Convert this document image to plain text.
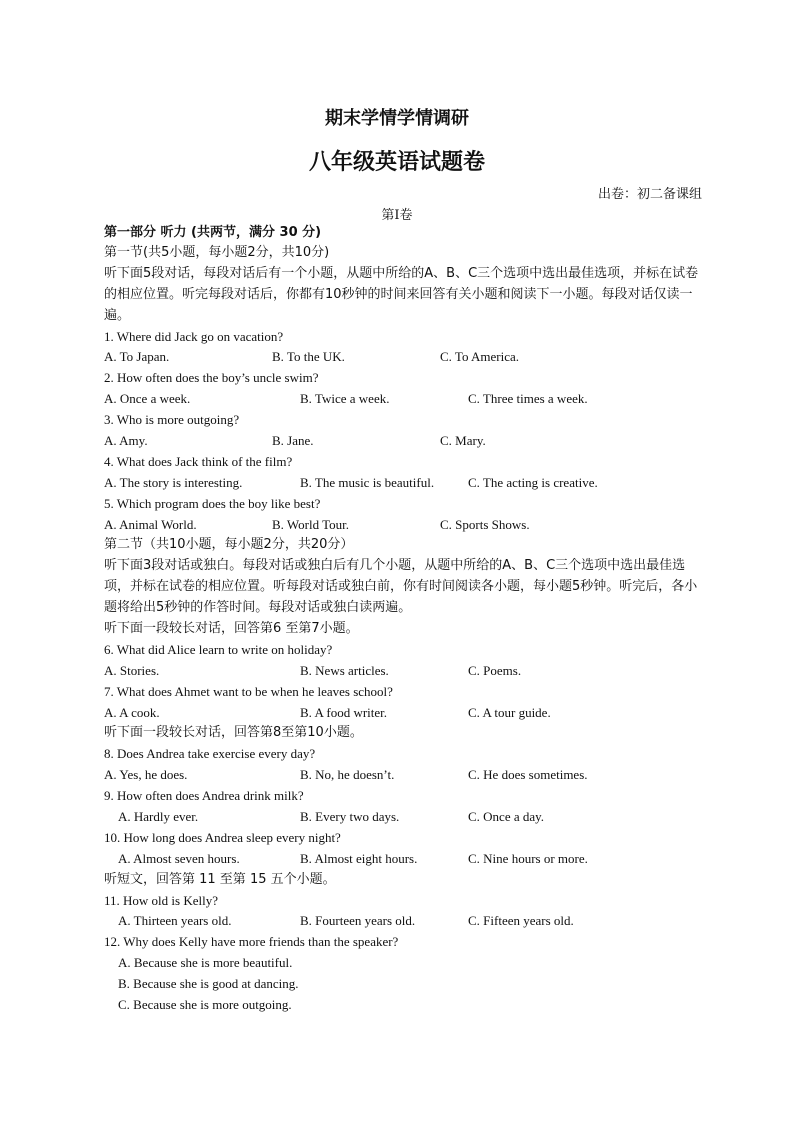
期末学情学情调研
八年级英语试题卷
出卷：初二备课组
第Ⅰ卷
第一部分 听力 (共两节，满分 30 分)
第一节(共5小题，每小题2分，共10分)
听下面5段对话，每段对话后有一个小题，从题中所给的A、B、C三个选项中选出最佳选项，并标在试卷的相应位置。听完每段对话后，你都有10秒钟的时间来回答有关小题和阅读下一小题。每段对话仅读一遍。
1. Where did Jack go on vacation?
A. To Japan.	B. To the UK.	C. To America.
2. How often does the boy’s uncle swim?
A. Once a week.	B. Twice a week.	C. Three times a week.
3. Who is more outgoing?
A. Amy.	B. Jane.	C. Mary.
4. What does Jack think of the film?
A. The story is interesting.	B. The music is beautiful.	C. The acting is creative.
5. Which program does the boy like best?
A. Animal World.	B. World Tour.	C. Sports Shows.
第二节（共10小题，每小题2分，共20分）
听下面3段对话或独白。每段对话或独白后有几个小题，从题中所给的A、B、C三个选项中选出最佳选项，并标在试卷的相应位置。听每段对话或独白前，你有时间阅读各小题，每小题5秒钟。听完后，各小题将给出5秒钟的作答时间。每段对话或独白读两遍。
听下面一段较长对话，回答第6 至第7小题。
6. What did Alice learn to write on holiday?
A. Stories.	B. News articles.	C. Poems.
7. What does Ahmet want to be when he leaves school?
A. A cook.	B. A food writer.	C. A tour guide.
听下面一段较长对话，回答第8至第10小题。
8. Does Andrea take exercise every day?
A. Yes, he does.	B. No, he doesn’t.	C. He does sometimes.
9. How often does Andrea drink milk?
A. Hardly ever.	B. Every two days.	C. Once a day.
10. How long does Andrea sleep every night?
A. Almost seven hours.	B. Almost eight hours.	C. Nine hours or more.
听短文，回答第 11 至第 15 五个小题。
11. How old is Kelly?
A. Thirteen years old.	B. Fourteen years old.	C. Fifteen years old.
12. Why does Kelly have more friends than the speaker?
A. Because she is more beautiful.
B. Because she is good at dancing.
C. Because she is more outgoing.
